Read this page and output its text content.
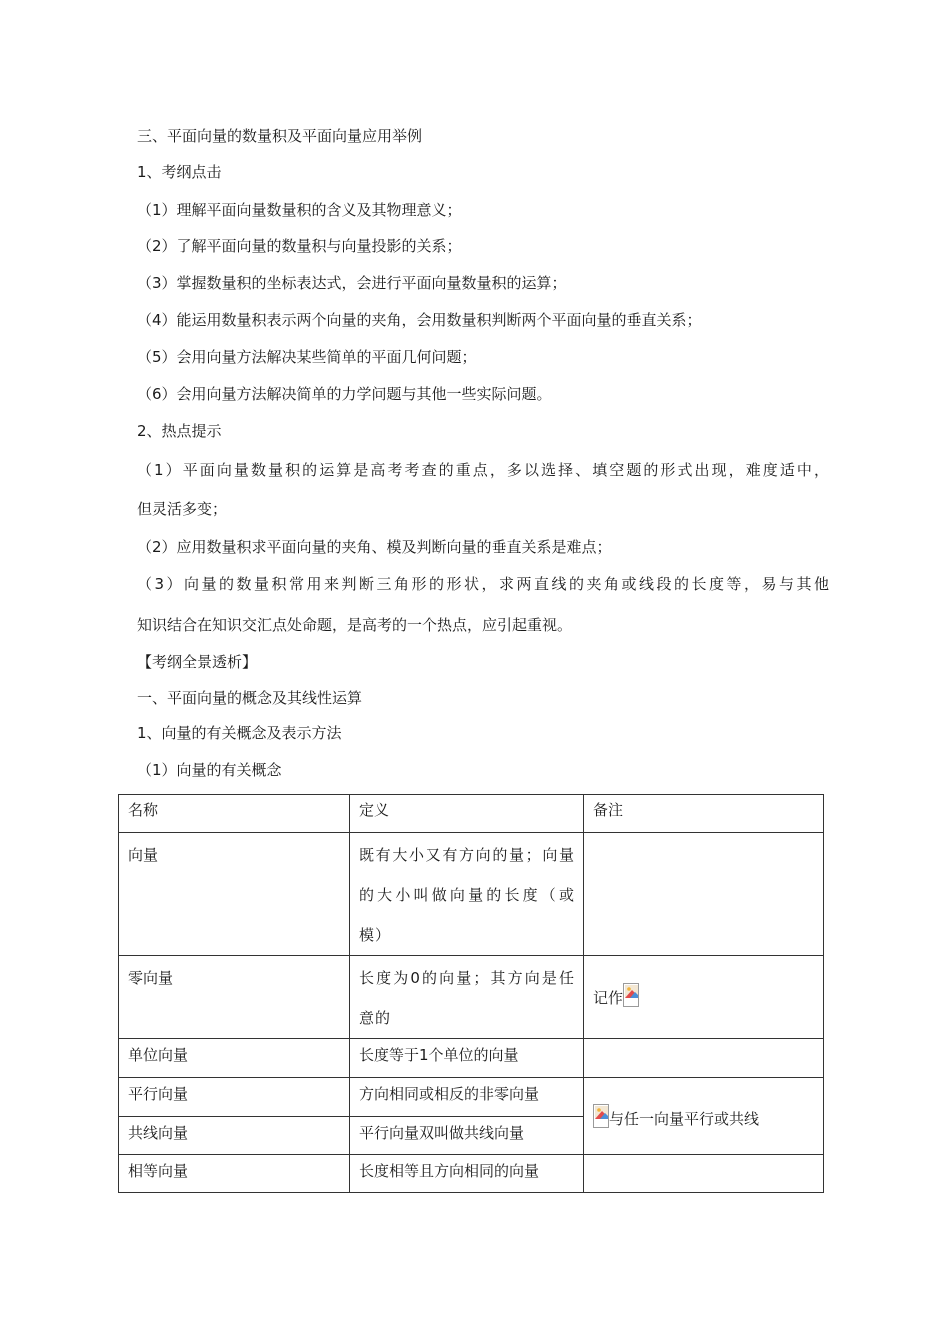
三、平面向量的数量积及平面向量应用举例
1、考纲点击
（1）理解平面向量数量积的含义及其物理意义；
（2）了解平面向量的数量积与向量投影的关系；
（3）掌握数量积的坐标表达式，会进行平面向量数量积的运算；
（4）能运用数量积表示两个向量的夹角，会用数量积判断两个平面向量的垂直关系；
（5）会用向量方法解决某些简单的平面几何问题；
（6）会用向量方法解决简单的力学问题与其他一些实际问题。
2、热点提示
（1）平面向量数量积的运算是高考考查的重点，多以选择、填空题的形式出现，难度适中，
但灵活多变；
（2）应用数量积求平面向量的夹角、模及判断向量的垂直关系是难点；
（3）向量的数量积常用来判断三角形的形状，求两直线的夹角或线段的长度等，易与其他
知识结合在知识交汇点处命题，是高考的一个热点，应引起重视。
【考纲全景透析】
一、平面向量的概念及其线性运算
1、向量的有关概念及表示方法
（1）向量的有关概念
名称	定义	备注
向量	既有大小又有方向的量；向量的大小叫做向量的长度（或模）	
零向量	长度为0的向量；其方向是任意的	记作

单位向量	长度等于1个单位的向量	
平行向量	方向相同或相反的非零向量	与任一向量平行或共线
共线向量	平行向量双叫做共线向量	
相等向量	长度相等且方向相同的向量	
